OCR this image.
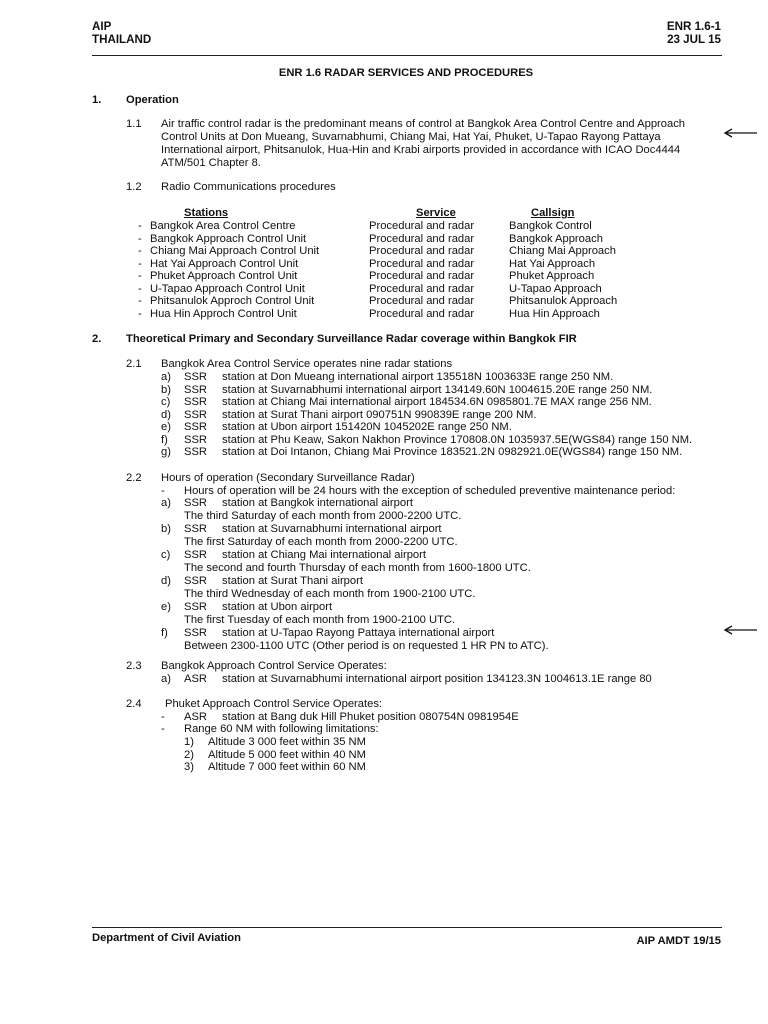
AIP
THAILAND
ENR 1.6-1
23 JUL 15
ENR 1.6 RADAR SERVICES AND PROCEDURES
1. Operation
1.1 Air traffic control radar is the predominant means of control at Bangkok Area Control Centre and Approach
Control Units at Don Mueang, Suvarnabhumi, Chiang Mai, Hat Yai, Phuket, U-Tapao Rayong Pattaya
International airport, Phitsanulok, Hua-Hin and Krabi airports provided in accordance with ICAO Doc4444
ATM/501 Chapter 8.
1.2 Radio Communications procedures
Stations	Service	Callsign
- Bangkok Area Control Centre	Procedural and radar	Bangkok Control
- Bangkok Approach Control Unit	Procedural and radar	Bangkok Approach
- Chiang Mai Approach Control Unit	Procedural and radar	Chiang Mai Approach
- Hat Yai Approach Control Unit	Procedural and radar	Hat Yai Approach
- Phuket Approach Control Unit	Procedural and radar	Phuket Approach
- U-Tapao Approach Control Unit	Procedural and radar	U-Tapao Approach
- Phitsanulok Approch Control Unit	Procedural and radar	Phitsanulok Approach
- Hua Hin Approch Control Unit	Procedural and radar	Hua Hin Approach
2. Theoretical Primary and Secondary Surveillance Radar coverage within Bangkok FIR
2.1 Bangkok Area Control Service operates nine radar stations
a) SSR station at Don Mueang international airport 135518N 1003633E range 250 NM.
b) SSR station at Suvarnabhumi international airport 134149.60N 1004615.20E range 250 NM.
c) SSR station at Chiang Mai international airport 184534.6N 0985801.7E MAX range 256 NM.
d) SSR station at Surat Thani airport 090751N 990839E range 200 NM.
e) SSR station at Ubon airport 151420N 1045202E range 250 NM.
f) SSR station at Phu Keaw, Sakon Nakhon Province 170808.0N 1035937.5E(WGS84) range 150 NM.
g) SSR station at Doi Intanon, Chiang Mai Province 183521.2N 0982921.0E(WGS84) range 150 NM.
2.2 Hours of operation (Secondary Surveillance Radar)
- Hours of operation will be 24 hours with the exception of scheduled preventive maintenance period:
a) SSR station at Bangkok international airport
The third Saturday of each month from 2000-2200 UTC.
b) SSR station at Suvarnabhumi international airport
The first Saturday of each month from 2000-2200 UTC.
c) SSR station at Chiang Mai international airport
The second and fourth Thursday of each month from 1600-1800 UTC.
d) SSR station at Surat Thani airport
The third Wednesday of each month from 1900-2100 UTC.
e) SSR station at Ubon airport
The first Tuesday of each month from 1900-2100 UTC.
f) SSR station at U-Tapao Rayong Pattaya international airport
Between 2300-1100 UTC (Other period is on requested 1 HR PN to ATC).
2.3 Bangkok Approach Control Service Operates:
a) ASR station at Suvarnabhumi international airport position 134123.3N 1004613.1E range 80
2.4 Phuket Approach Control Service Operates:
- ASR station at Bang duk Hill Phuket position 080754N 0981954E
- Range 60 NM with following limitations:
1) Altitude 3 000 feet within 35 NM
2) Altitude 5 000 feet within 40 NM
3) Altitude 7 000 feet within 60 NM
Department of Civil Aviation	AIP AMDT 19/15
